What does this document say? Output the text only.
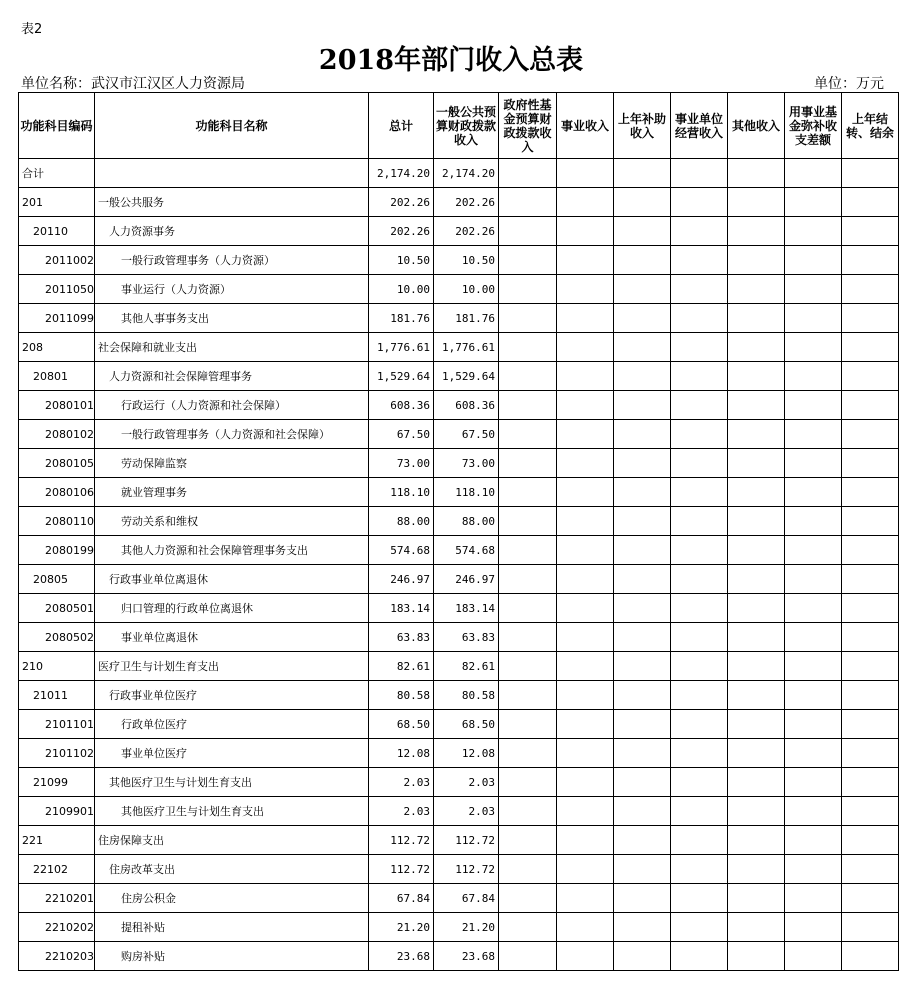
表2
2018年部门收入总表
单位名称：武汉市江汉区人力资源局	单位：万元
功能科目编码	功能科目名称	总计	一般公共预算财政拨款收入	政府性基金预算财政拨款收入	事业收入	上年补助收入	事业单位经营收入	其他收入	用事业基金弥补收支差额	上年结转、结余
合计		2,174.20	2,174.20							
201	一般公共服务	202.26	202.26							
20110	人力资源事务	202.26	202.26							
2011002	一般行政管理事务（人力资源）	10.50	10.50							
2011050	事业运行（人力资源）	10.00	10.00							
2011099	其他人事事务支出	181.76	181.76							
208	社会保障和就业支出	1,776.61	1,776.61							
20801	人力资源和社会保障管理事务	1,529.64	1,529.64							
2080101	行政运行（人力资源和社会保障）	608.36	608.36							
2080102	一般行政管理事务（人力资源和社会保障）	67.50	67.50							
2080105	劳动保障监察	73.00	73.00							
2080106	就业管理事务	118.10	118.10							
2080110	劳动关系和维权	88.00	88.00							
2080199	其他人力资源和社会保障管理事务支出	574.68	574.68							
20805	行政事业单位离退休	246.97	246.97							
2080501	归口管理的行政单位离退休	183.14	183.14							
2080502	事业单位离退休	63.83	63.83							
210	医疗卫生与计划生育支出	82.61	82.61							
21011	行政事业单位医疗	80.58	80.58							
2101101	行政单位医疗	68.50	68.50							
2101102	事业单位医疗	12.08	12.08							
21099	其他医疗卫生与计划生育支出	2.03	2.03							
2109901	其他医疗卫生与计划生育支出	2.03	2.03							
221	住房保障支出	112.72	112.72							
22102	住房改革支出	112.72	112.72							
2210201	住房公积金	67.84	67.84							
2210202	提租补贴	21.20	21.20							
2210203	购房补贴	23.68	23.68							
